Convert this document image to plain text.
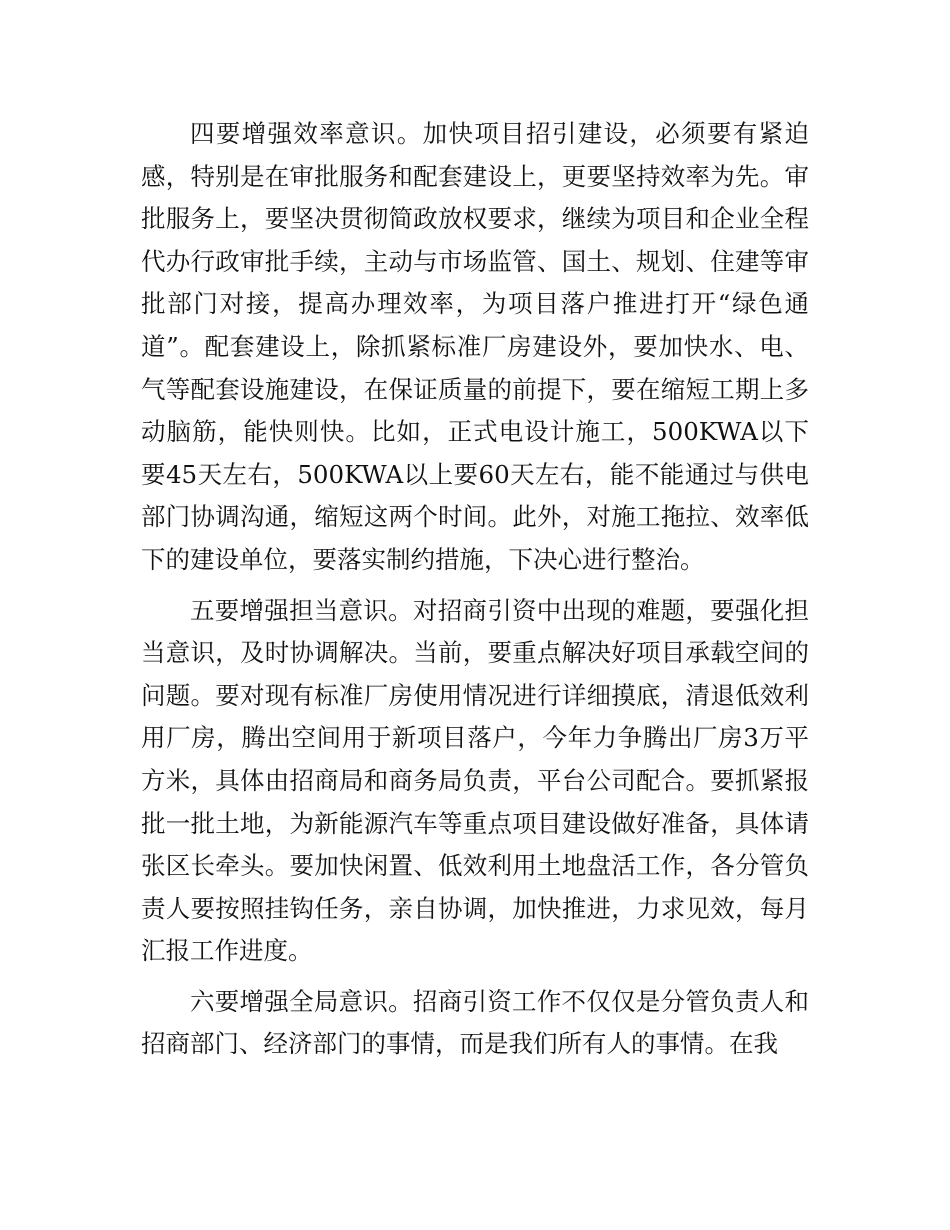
四要增强效率意识。加快项目招引建设，必须要有紧迫感，特别是在审批服务和配套建设上，更要坚持效率为先。审批服务上，要坚决贯彻简政放权要求，继续为项目和企业全程代办行政审批手续，主动与市场监管、国土、规划、住建等审批部门对接，提高办理效率，为项目落户推进打开“绿色通道”。配套建设上，除抓紧标准厂房建设外，要加快水、电、气等配套设施建设，在保证质量的前提下，要在缩短工期上多动脑筋，能快则快。比如，正式电设计施工，500KWA以下要45天左右，500KWA以上要60天左右，能不能通过与供电部门协调沟通，缩短这两个时间。此外，对施工拖拉、效率低下的建设单位，要落实制约措施，下决心进行整治。

五要增强担当意识。对招商引资中出现的难题，要强化担当意识，及时协调解决。当前，要重点解决好项目承载空间的问题。要对现有标准厂房使用情况进行详细摸底，清退低效利用厂房，腾出空间用于新项目落户，今年力争腾出厂房3万平方米，具体由招商局和商务局负责，平台公司配合。要抓紧报批一批土地，为新能源汽车等重点项目建设做好准备，具体请张区长牵头。要加快闲置、低效利用土地盘活工作，各分管负责人要按照挂钩任务，亲自协调，加快推进，力求见效，每月汇报工作进度。

六要增强全局意识。招商引资工作不仅仅是分管负责人和招商部门、经济部门的事情，而是我们所有人的事情。在我
